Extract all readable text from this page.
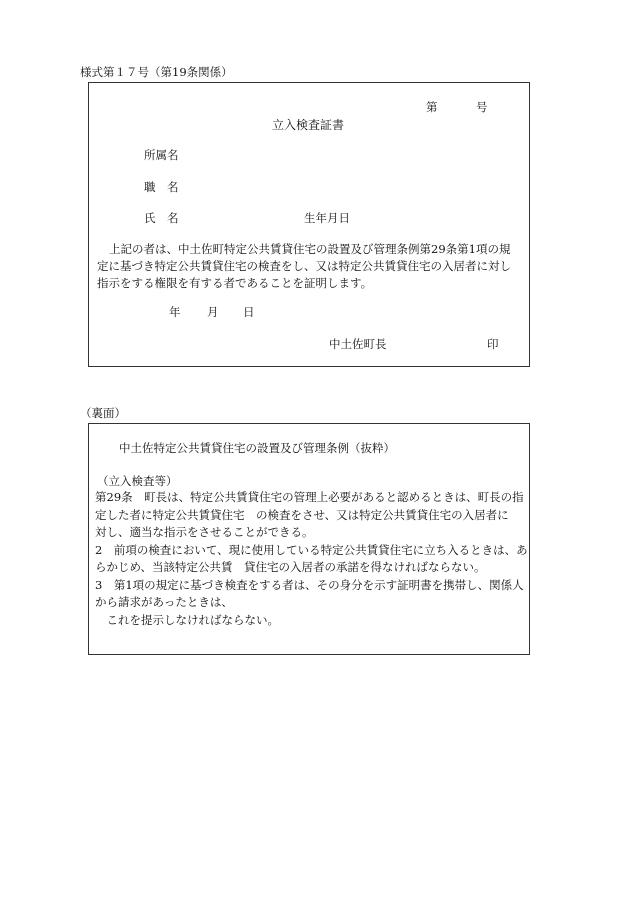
様式第１７号（第19条関係）
第	号
立入検査証書
所属名
職　名
氏　名	生年月日
上記の者は、中土佐町特定公共賃貸住宅の設置及び管理条例第29条第1項の規
定に基づき特定公共賃貸住宅の検査をし、又は特定公共賃貸住宅の入居者に対し
指示をする権限を有する者であることを証明します。
年 月 日
中土佐町長	印
（裏面）
中土佐特定公共賃貸住宅の設置及び管理条例（抜粋）
（立入検査等）
第29条　町長は、特定公共賃貸住宅の管理上必要があると認めるときは、町長の指
定した者に特定公共賃貸住宅　の検査をさせ、又は特定公共賃貸住宅の入居者に
対し、適当な指示をさせることができる。
2　前項の検査において、現に使用している特定公共賃貸住宅に立ち入るときは、あ
らかじめ、当該特定公共賃　貸住宅の入居者の承諾を得なければならない。
3　第1項の規定に基づき検査をする者は、その身分を示す証明書を携帯し、関係人
から請求があったときは、
　これを提示しなければならない。
